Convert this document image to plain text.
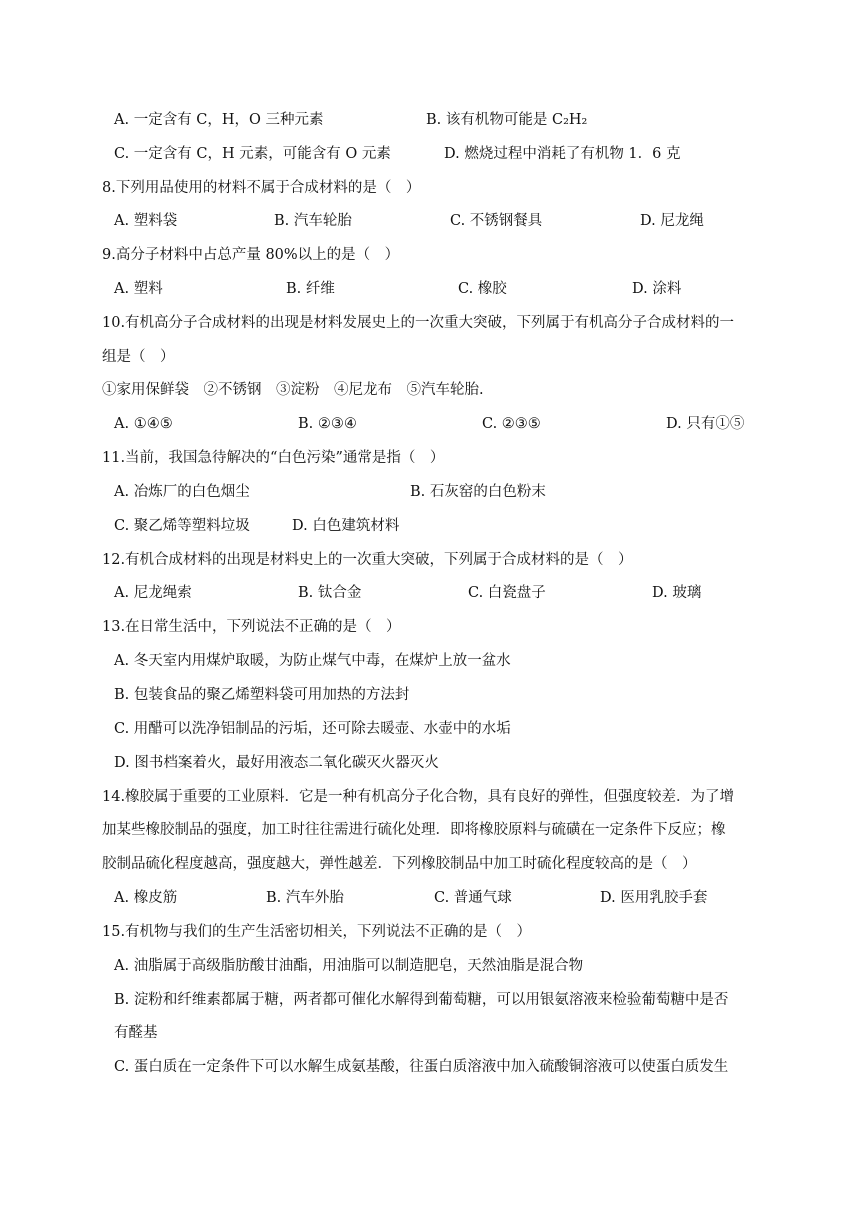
A. 一定含有 C，H，O 三种元素	B. 该有机物可能是 C₂H₂
C. 一定含有 C，H 元素，可能含有 O 元素	D. 燃烧过程中消耗了有机物 1．6 克
8.下列用品使用的材料不属于合成材料的是（　）
A. 塑料袋	B. 汽车轮胎	C. 不锈钢餐具	D. 尼龙绳
9.高分子材料中占总产量 80%以上的是（　）
A. 塑料	B. 纤维	C. 橡胶	D. 涂料
10.有机高分子合成材料的出现是材料发展史上的一次重大突破，下列属于有机高分子合成材料的一
组是（　）
①家用保鲜袋　②不锈钢　③淀粉　④尼龙布　⑤汽车轮胎.
A. ①④⑤	B. ②③④	C. ②③⑤	D. 只有①⑤
11.当前，我国急待解决的“白色污染”通常是指（　）
A. 冶炼厂的白色烟尘	B. 石灰窑的白色粉末
C. 聚乙烯等塑料垃圾	D. 白色建筑材料
12.有机合成材料的出现是材料史上的一次重大突破，下列属于合成材料的是（　）
A. 尼龙绳索	B. 钛合金	C. 白瓷盘子	D. 玻璃
13.在日常生活中，下列说法不正确的是（　）
A. 冬天室内用煤炉取暖，为防止煤气中毒，在煤炉上放一盆水
B. 包装食品的聚乙烯塑料袋可用加热的方法封
C. 用醋可以洗净铝制品的污垢，还可除去暖壶、水壶中的水垢
D. 图书档案着火，最好用液态二氧化碳灭火器灭火
14.橡胶属于重要的工业原料．它是一种有机高分子化合物，具有良好的弹性，但强度较差．为了增
加某些橡胶制品的强度，加工时往往需进行硫化处理．即将橡胶原料与硫磺在一定条件下反应；橡
胶制品硫化程度越高，强度越大，弹性越差．下列橡胶制品中加工时硫化程度较高的是（　）
A. 橡皮筋	B. 汽车外胎	C. 普通气球	D. 医用乳胶手套
15.有机物与我们的生产生活密切相关，下列说法不正确的是（　）
A. 油脂属于高级脂肪酸甘油酯，用油脂可以制造肥皂，天然油脂是混合物
B. 淀粉和纤维素都属于糖，两者都可催化水解得到葡萄糖，可以用银氨溶液来检验葡萄糖中是否
有醛基
C. 蛋白质在一定条件下可以水解生成氨基酸，往蛋白质溶液中加入硫酸铜溶液可以使蛋白质发生
